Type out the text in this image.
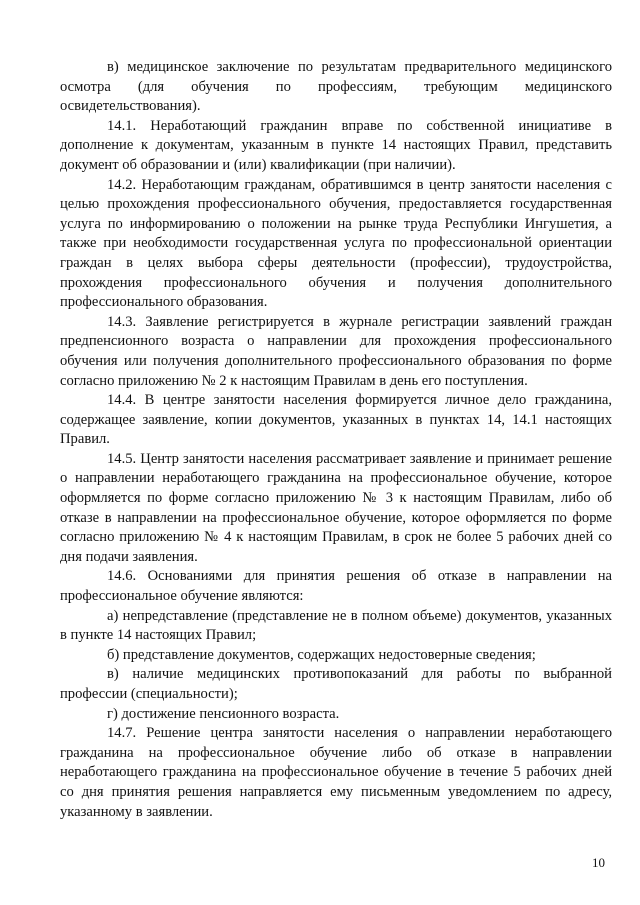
в) медицинское заключение по результатам предварительного медицинского осмотра (для обучения по профессиям, требующим медицинского освидетельствования).

14.1. Неработающий гражданин вправе по собственной инициативе в дополнение к документам, указанным в пункте 14 настоящих Правил, представить документ об образовании и (или) квалификации (при наличии).

14.2. Неработающим гражданам, обратившимся в центр занятости населения с целью прохождения профессионального обучения, предоставляется государственная услуга по информированию о положении на рынке труда Республики Ингушетия, а также при необходимости государственная услуга по профессиональной ориентации граждан в целях выбора сферы деятельности (профессии), трудоустройства, прохождения профессионального обучения и получения дополнительного профессионального образования.

14.3. Заявление регистрируется в журнале регистрации заявлений граждан предпенсионного возраста о направлении для прохождения профессионального обучения или получения дополнительного профессионального образования по форме согласно приложению № 2 к настоящим Правилам в день его поступления.

14.4. В центре занятости населения формируется личное дело гражданина, содержащее заявление, копии документов, указанных в пунктах 14, 14.1 настоящих Правил.

14.5. Центр занятости населения рассматривает заявление и принимает решение о направлении неработающего гражданина на профессиональное обучение, которое оформляется по форме согласно приложению № 3 к настоящим Правилам, либо об отказе в направлении на профессиональное обучение, которое оформляется по форме согласно приложению № 4 к настоящим Правилам, в срок не более 5 рабочих дней со дня подачи заявления.

14.6. Основаниями для принятия решения об отказе в направлении на профессиональное обучение являются:

а) непредставление (представление не в полном объеме) документов, указанных в пункте 14 настоящих Правил;

б) представление документов, содержащих недостоверные сведения;

в) наличие медицинских противопоказаний для работы по выбранной профессии (специальности);

г) достижение пенсионного возраста.

14.7. Решение центра занятости населения о направлении неработающего гражданина на профессиональное обучение либо об отказе в направлении неработающего гражданина на профессиональное обучение в течение 5 рабочих дней со дня принятия решения направляется ему письменным уведомлением по адресу, указанному в заявлении.

10
